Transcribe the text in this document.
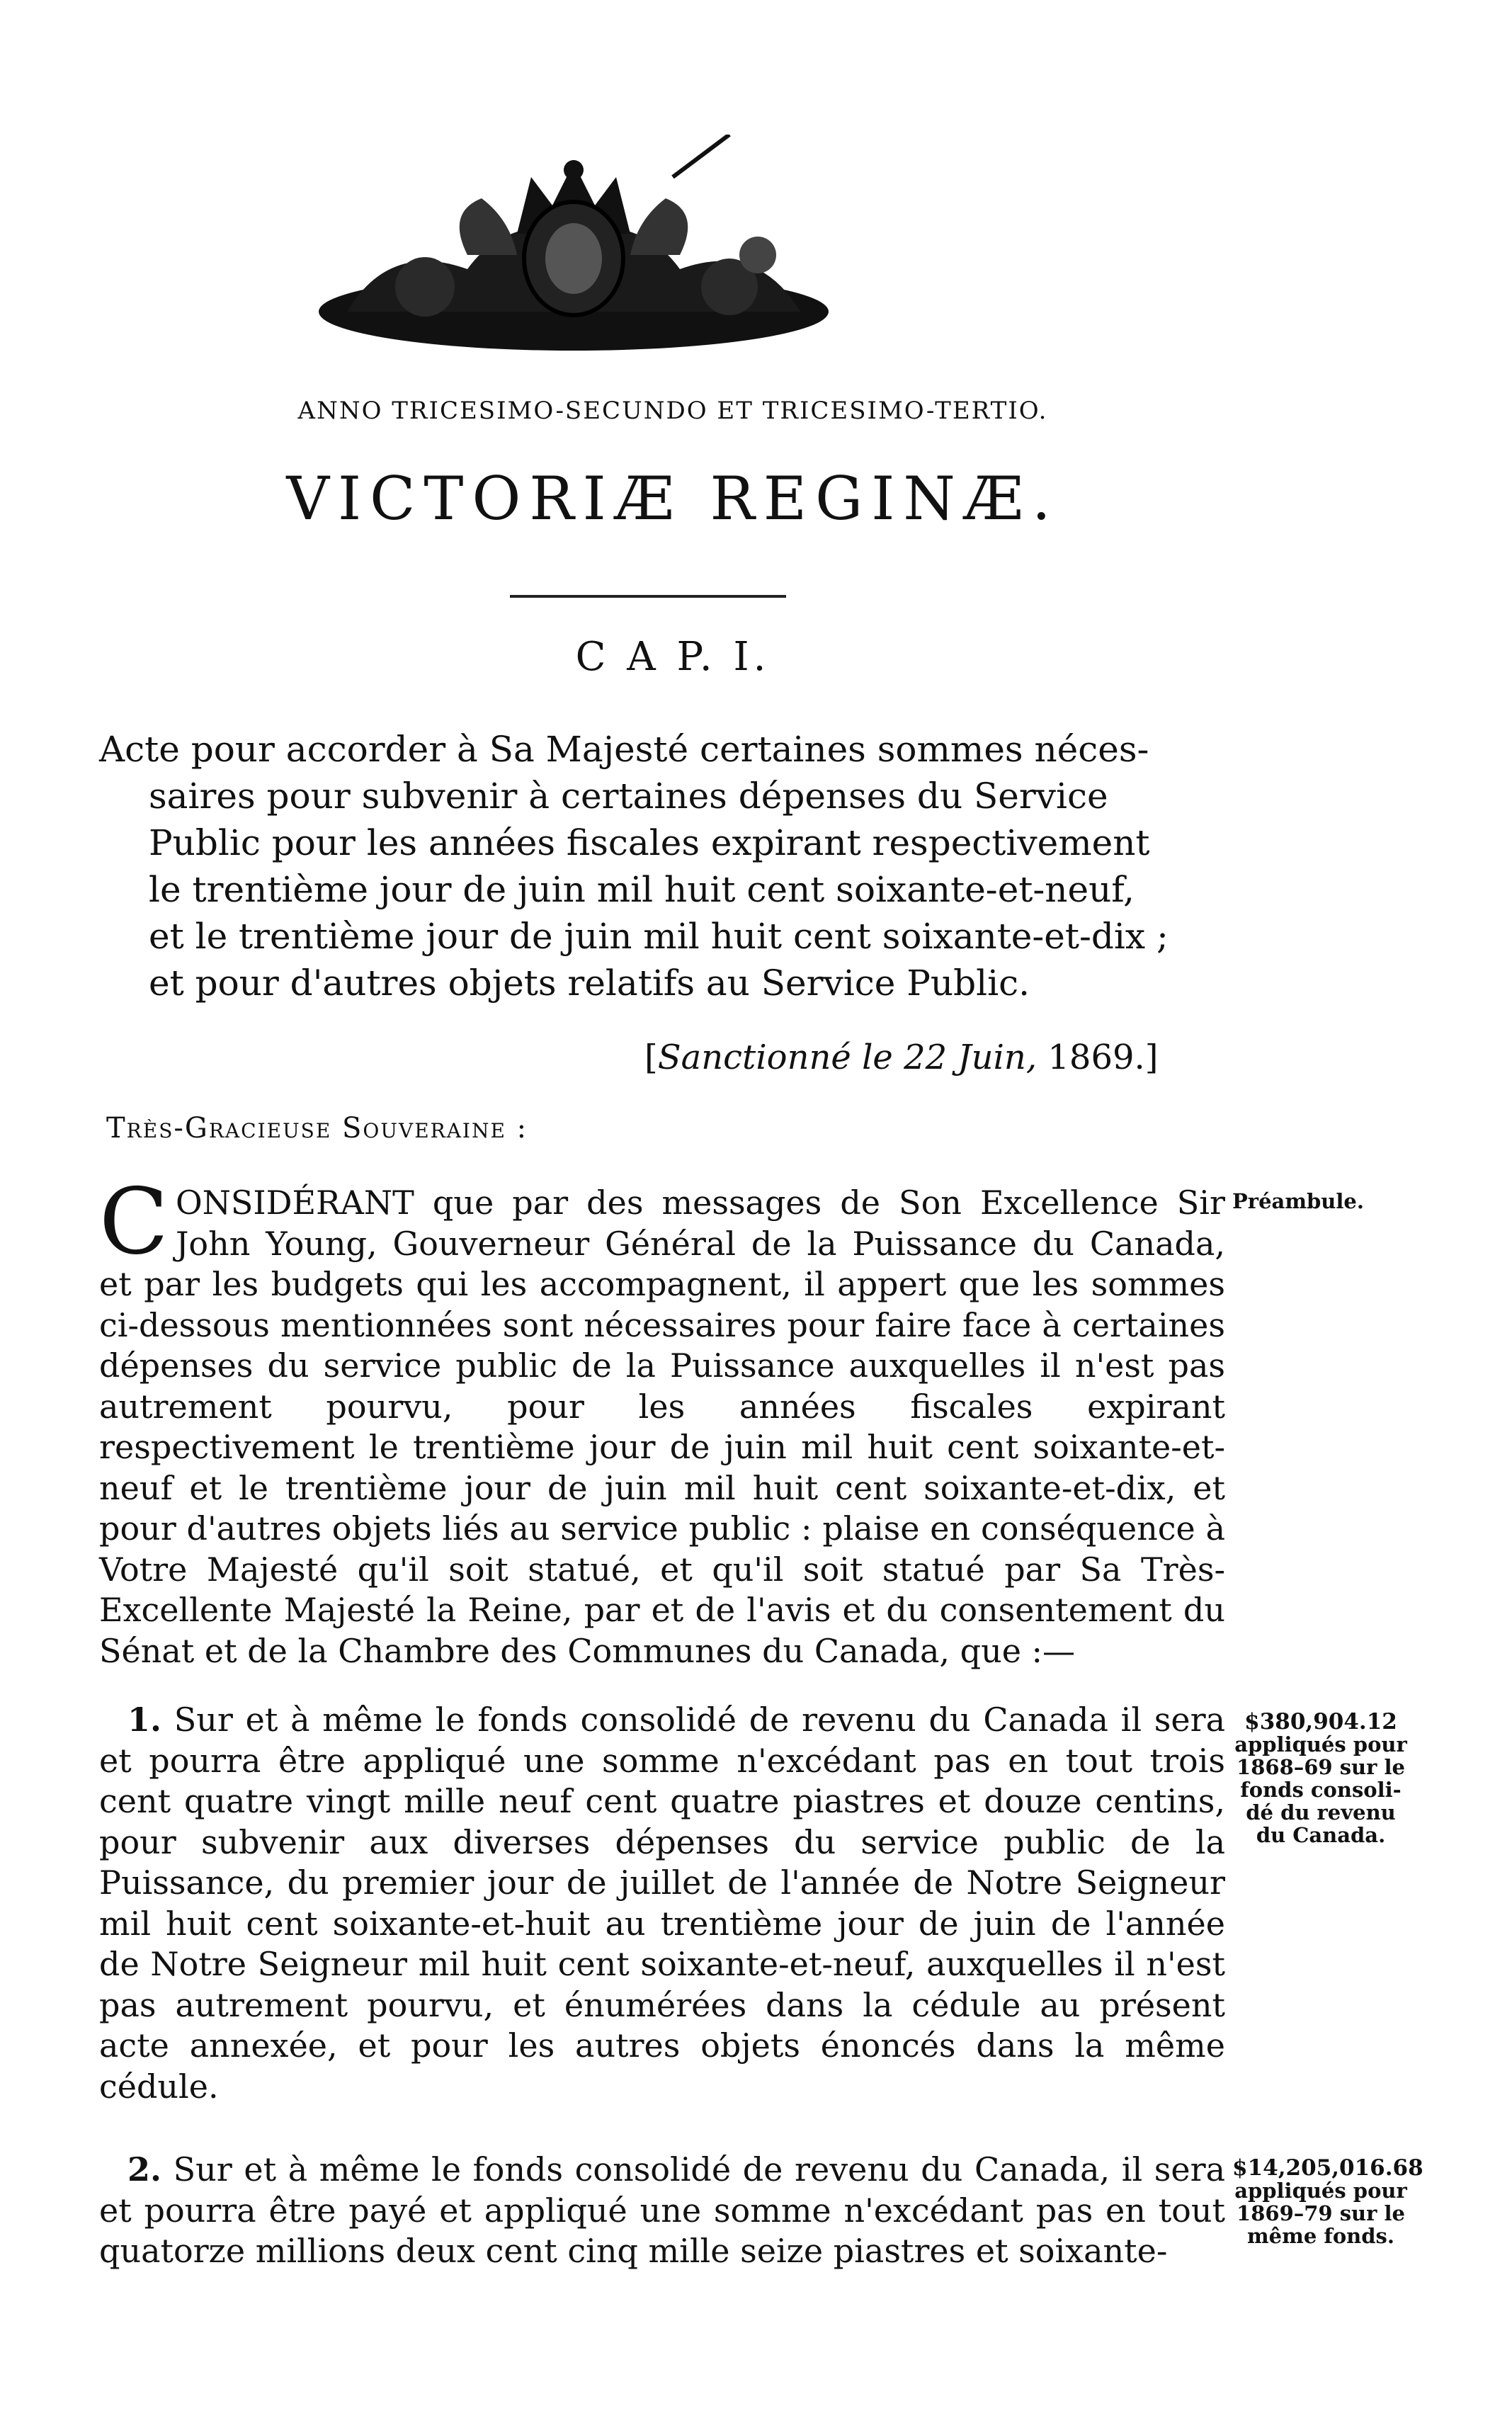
ANNO TRICESIMO-SECUNDO ET TRICESIMO-TERTIO.
VICTORIÆ REGINÆ.
C A P. I.
Acte pour accorder à Sa Majesté certaines sommes néces-
saires pour subvenir à certaines dépenses du Service
Public pour les années fiscales expirant respectivement
le trentième jour de juin mil huit cent soixante-et-neuf,
et le trentième jour de juin mil huit cent soixante-et-dix ;
et pour d'autres objets relatifs au Service Public.
[Sanctionné le 22 Juin, 1869.]
Très-Gracieuse Souveraine :
CONSIDÉRANT que par des messages de Son Excellence Sir John Young, Gouverneur Général de la Puissance du Canada, et par les budgets qui les accompagnent, il appert que les sommes ci-dessous mentionnées sont nécessaires pour faire face à certaines dépenses du service public de la Puissance auxquelles il n'est pas autrement pourvu, pour les années fiscales expirant respectivement le trentième jour de juin mil huit cent soixante-et-neuf et le trentième jour de juin mil huit cent soixante-et-dix, et pour d'autres objets liés au service public : plaise en conséquence à Votre Majesté qu'il soit statué, et qu'il soit statué par Sa Très-Excellente Majesté la Reine, par et de l'avis et du consentement du Sénat et de la Chambre des Communes du Canada, que :—
Préambule.
1. Sur et à même le fonds consolidé de revenu du Canada il sera et pourra être appliqué une somme n'excédant pas en tout trois cent quatre vingt mille neuf cent quatre piastres et douze centins, pour subvenir aux diverses dépenses du service public de la Puissance, du premier jour de juillet de l'année de Notre Seigneur mil huit cent soixante-et-huit au trentième jour de juin de l'année de Notre Seigneur mil huit cent soixante-et-neuf, auxquelles il n'est pas autrement pourvu, et énumérées dans la cédule au présent acte annexée, et pour les autres objets énoncés dans la même cédule.
$380,904.12
appliqués pour 1868–69 sur le fonds consoli-dé du revenu du Canada.
2. Sur et à même le fonds consolidé de revenu du Canada, il sera et pourra être payé et appliqué une somme n'excédant pas en tout quatorze millions deux cent cinq mille seize piastres et soixante-
$14,205,016.68
appliqués pour 1869–79 sur le même fonds.
